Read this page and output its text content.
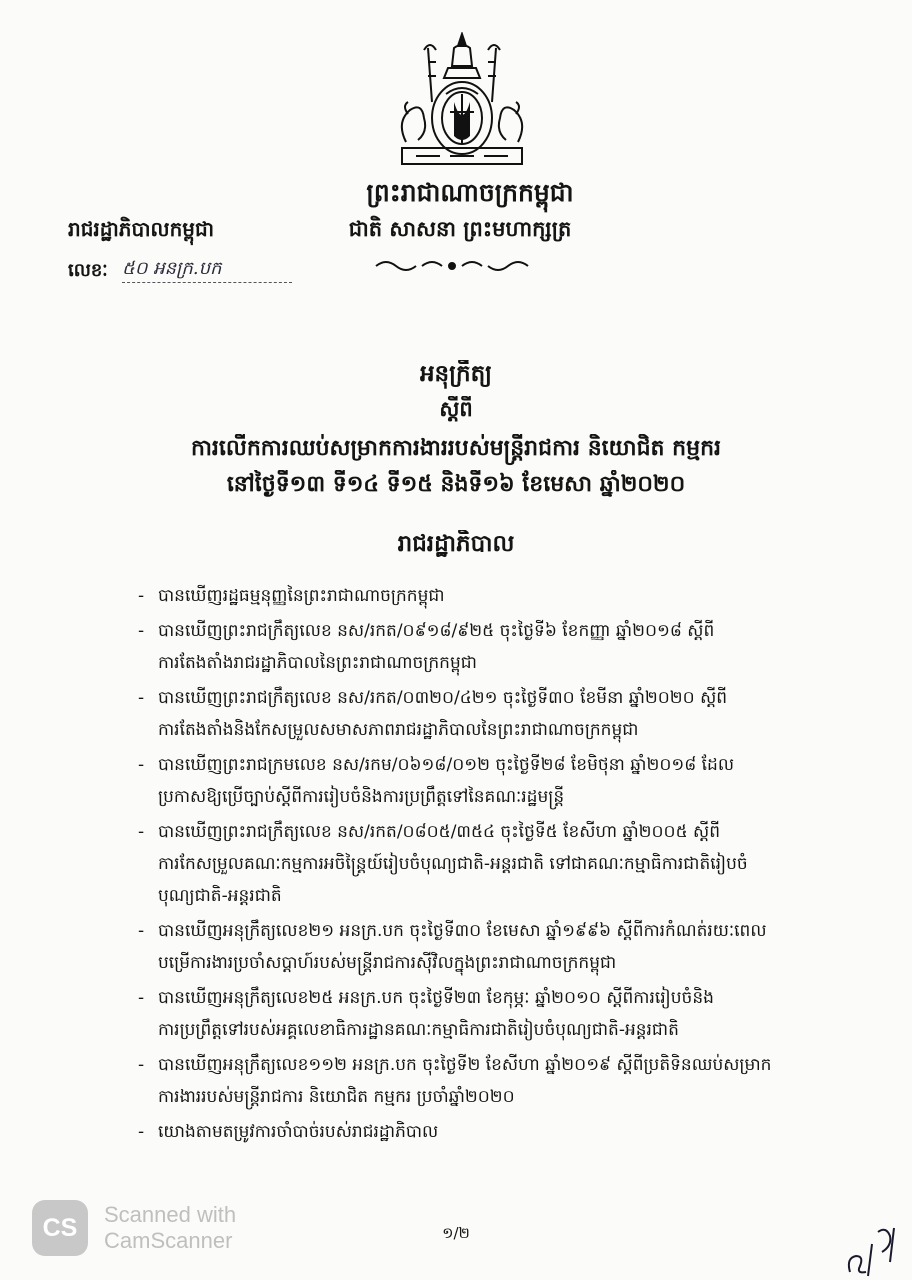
ព្រះរាជាណាចក្រកម្ពុជា
រាជរដ្ឋាភិបាលកម្ពុជា	ជាតិ សាសនា ព្រះមហាក្សត្រ
លេខៈ ៥០ អនក្រ.បក
អនុក្រឹត្យ
ស្តីពី
ការលើកការឈប់សម្រាកការងាររបស់មន្ត្រីរាជការ និយោជិត កម្មករ
នៅថ្ងៃទី១៣ ទី១៤ ទី១៥ និងទី១៦ ខែមេសា ឆ្នាំ២០២០
រាជរដ្ឋាភិបាល
- បានឃើញរដ្ឋធម្មនុញ្ញនៃព្រះរាជាណាចក្រកម្ពុជា
- បានឃើញព្រះរាជក្រឹត្យលេខ នស/រកត/០៩១៨/៩២៥ ចុះថ្ងៃទី៦ ខែកញ្ញា ឆ្នាំ២០១៨ ស្តីពី
ការតែងតាំងរាជរដ្ឋាភិបាលនៃព្រះរាជាណាចក្រកម្ពុជា
- បានឃើញព្រះរាជក្រឹត្យលេខ នស/រកត/០៣២០/៤២១ ចុះថ្ងៃទី៣០ ខែមីនា ឆ្នាំ២០២០ ស្តីពី
ការតែងតាំងនិងកែសម្រួលសមាសភាពរាជរដ្ឋាភិបាលនៃព្រះរាជាណាចក្រកម្ពុជា
- បានឃើញព្រះរាជក្រមលេខ នស/រកម/០៦១៨/០១២ ចុះថ្ងៃទី២៨ ខែមិថុនា ឆ្នាំ២០១៨ ដែល
ប្រកាសឱ្យប្រើច្បាប់ស្តីពីការរៀបចំនិងការប្រព្រឹត្តទៅនៃគណៈរដ្ឋមន្ត្រី
- បានឃើញព្រះរាជក្រឹត្យលេខ នស/រកត/០៨០៥/៣៥៤ ចុះថ្ងៃទី៥ ខែសីហា ឆ្នាំ២០០៥ ស្តីពី
ការកែសម្រួលគណៈកម្មការអចិន្ត្រៃយ៍រៀបចំបុណ្យជាតិ-អន្តរជាតិ ទៅជាគណៈកម្មាធិការជាតិរៀបចំ
បុណ្យជាតិ-អន្តរជាតិ
- បានឃើញអនុក្រឹត្យលេខ២១ អនក្រ.បក ចុះថ្ងៃទី៣០ ខែមេសា ឆ្នាំ១៩៩៦ ស្តីពីការកំណត់រយៈពេល
បម្រើការងារប្រចាំសប្តាហ៍របស់មន្ត្រីរាជការស៊ីវិលក្នុងព្រះរាជាណាចក្រកម្ពុជា
- បានឃើញអនុក្រឹត្យលេខ២៥ អនក្រ.បក ចុះថ្ងៃទី២៣ ខែកុម្ភៈ ឆ្នាំ២០១០ ស្តីពីការរៀបចំនិង
ការប្រព្រឹត្តទៅរបស់អគ្គលេខាធិការដ្ឋានគណៈកម្មាធិការជាតិរៀបចំបុណ្យជាតិ-អន្តរជាតិ
- បានឃើញអនុក្រឹត្យលេខ១១២ អនក្រ.បក ចុះថ្ងៃទី២ ខែសីហា ឆ្នាំ២០១៩ ស្តីពីប្រតិទិនឈប់សម្រាក
ការងាររបស់មន្ត្រីរាជការ និយោជិត កម្មករ ប្រចាំឆ្នាំ២០២០
- យោងតាមតម្រូវការចាំបាច់របស់រាជរដ្ឋាភិបាល
CS	Scanned with
CamScanner	១/២
